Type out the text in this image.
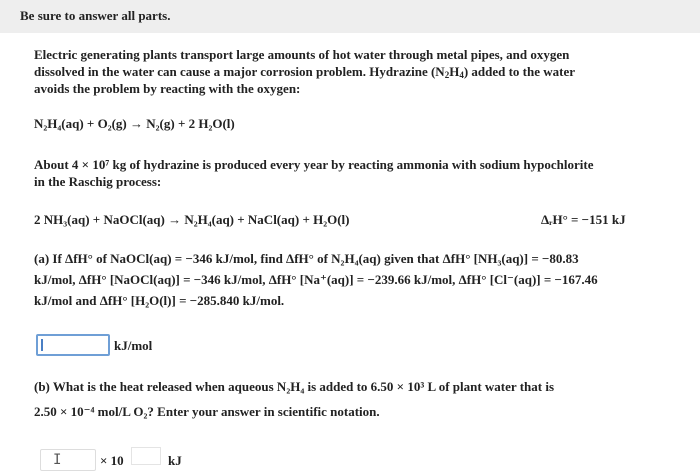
Be sure to answer all parts.
Electric generating plants transport large amounts of hot water through metal pipes, and oxygen
dissolved in the water can cause a major corrosion problem. Hydrazine $(N_2H_4)$ added to the water
avoids the problem by reacting with the oxygen:
N₂H₄(aq) + O₂(g) → N₂(g) + 2 H₂O(l)
About 4 × 10⁷ kg of hydrazine is produced every year by reacting ammonia with sodium hypochlorite
in the Raschig process:
2 NH₃(aq) + NaOCl(aq) → N₂H₄(aq) + NaCl(aq) + H₂O(l)	ΔᵣH° = −151 kJ
(a) If ΔfH° of NaOCl(aq) = −346 kJ/mol, find ΔfH° of N₂H₄(aq) given that ΔfH° [NH₃(aq)] = −80.83
kJ/mol, ΔfH° [NaOCl(aq)] = −346 kJ/mol, ΔfH° [Na⁺(aq)] = −239.66 kJ/mol, ΔfH° [Cl⁻(aq)] = −167.46
kJ/mol and ΔfH° [H₂O(l)] = −285.840 kJ/mol.
kJ/mol
(b) What is the heat released when aqueous N₂H₄ is added to 6.50 × 10³ L of plant water that is
2.50 × 10⁻⁴ mol/L O₂? Enter your answer in scientific notation.
I	× 10	kJ
